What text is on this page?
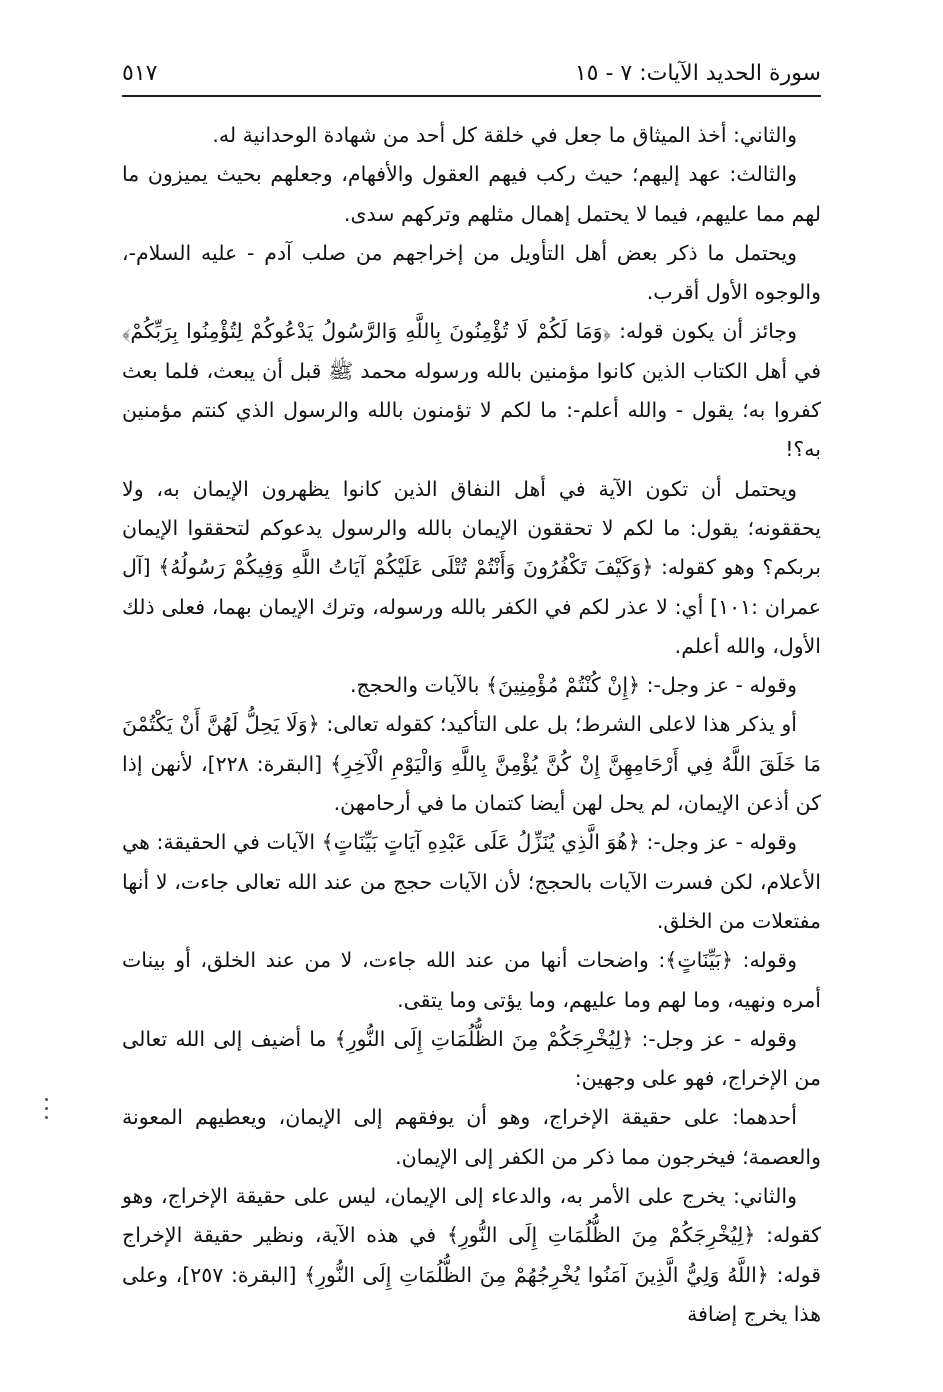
سورة الحديد الآيات: ٧ - ١٥
٥١٧

والثاني: أخذ الميثاق ما جعل في خلقة كل أحد من شهادة الوحدانية له.

والثالث: عهد إليهم؛ حيث ركب فيهم العقول والأفهام، وجعلهم بحيث يميزون ما لهم مما عليهم، فيما لا يحتمل إهمال مثلهم وتركهم سدى.

ويحتمل ما ذكر بعض أهل التأويل من إخراجهم من صلب آدم - عليه السلام-، والوجوه الأول أقرب.

وجائز أن يكون قوله: ﴿وَمَا لَكُمْ لَا تُؤْمِنُونَ بِاللَّهِ وَالرَّسُولُ يَدْعُوكُمْ لِتُؤْمِنُوا بِرَبِّكُمْ﴾ في أهل الكتاب الذين كانوا مؤمنين بالله ورسوله محمد ﷺ قبل أن يبعث، فلما بعث كفروا به؛ يقول - والله أعلم-: ما لكم لا تؤمنون بالله والرسول الذي كنتم مؤمنين به؟!

ويحتمل أن تكون الآية في أهل النفاق الذين كانوا يظهرون الإيمان به، ولا يحققونه؛ يقول: ما لكم لا تحققون الإيمان بالله والرسول يدعوكم لتحققوا الإيمان بربكم؟ وهو كقوله: ﴿وَكَيْفَ تَكْفُرُونَ وَأَنْتُمْ تُتْلَى عَلَيْكُمْ آيَاتُ اللَّهِ وَفِيكُمْ رَسُولُهُ﴾ [آل عمران :١٠١] أي: لا عذر لكم في الكفر بالله ورسوله، وترك الإيمان بهما، فعلى ذلك الأول، والله أعلم.

وقوله - عز وجل-: ﴿إِنْ كُنْتُمْ مُؤْمِنِينَ﴾ بالآيات والحجج.

أو يذكر هذا لاعلى الشرط؛ بل على التأكيد؛ كقوله تعالى: ﴿وَلَا يَحِلُّ لَهُنَّ أَنْ يَكْتُمْنَ مَا خَلَقَ اللَّهُ فِي أَرْحَامِهِنَّ إِنْ كُنَّ يُؤْمِنَّ بِاللَّهِ وَالْيَوْمِ الْآخِرِ﴾ [البقرة: ٢٢٨]، لأنهن إذا كن أذعن الإيمان، لم يحل لهن أيضا كتمان ما في أرحامهن.

وقوله - عز وجل-: ﴿هُوَ الَّذِي يُنَزِّلُ عَلَى عَبْدِهِ آيَاتٍ بَيِّنَاتٍ﴾ الآيات في الحقيقة: هي الأعلام، لكن فسرت الآيات بالحجج؛ لأن الآيات حجج من عند الله تعالى جاءت، لا أنها مفتعلات من الخلق.

وقوله: ﴿بَيِّنَاتٍ﴾: واضحات أنها من عند الله جاءت، لا من عند الخلق، أو بينات أمره ونهيه، وما لهم وما عليهم، وما يؤتى وما يتقى.

وقوله - عز وجل-: ﴿لِيُخْرِجَكُمْ مِنَ الظُّلُمَاتِ إِلَى النُّورِ﴾ ما أضيف إلى الله تعالى من الإخراج، فهو على وجهين:

أحدهما: على حقيقة الإخراج، وهو أن يوفقهم إلى الإيمان، ويعطيهم المعونة والعصمة؛ فيخرجون مما ذكر من الكفر إلى الإيمان.

والثاني: يخرج على الأمر به، والدعاء إلى الإيمان، ليس على حقيقة الإخراج، وهو كقوله: ﴿لِيُخْرِجَكُمْ مِنَ الظُّلُمَاتِ إِلَى النُّورِ﴾ في هذه الآية، ونظير حقيقة الإخراج قوله: ﴿اللَّهُ وَلِيُّ الَّذِينَ آمَنُوا يُخْرِجُهُمْ مِنَ الظُّلُمَاتِ إِلَى النُّورِ﴾ [البقرة: ٢٥٧]، وعلى هذا يخرج إضافة
